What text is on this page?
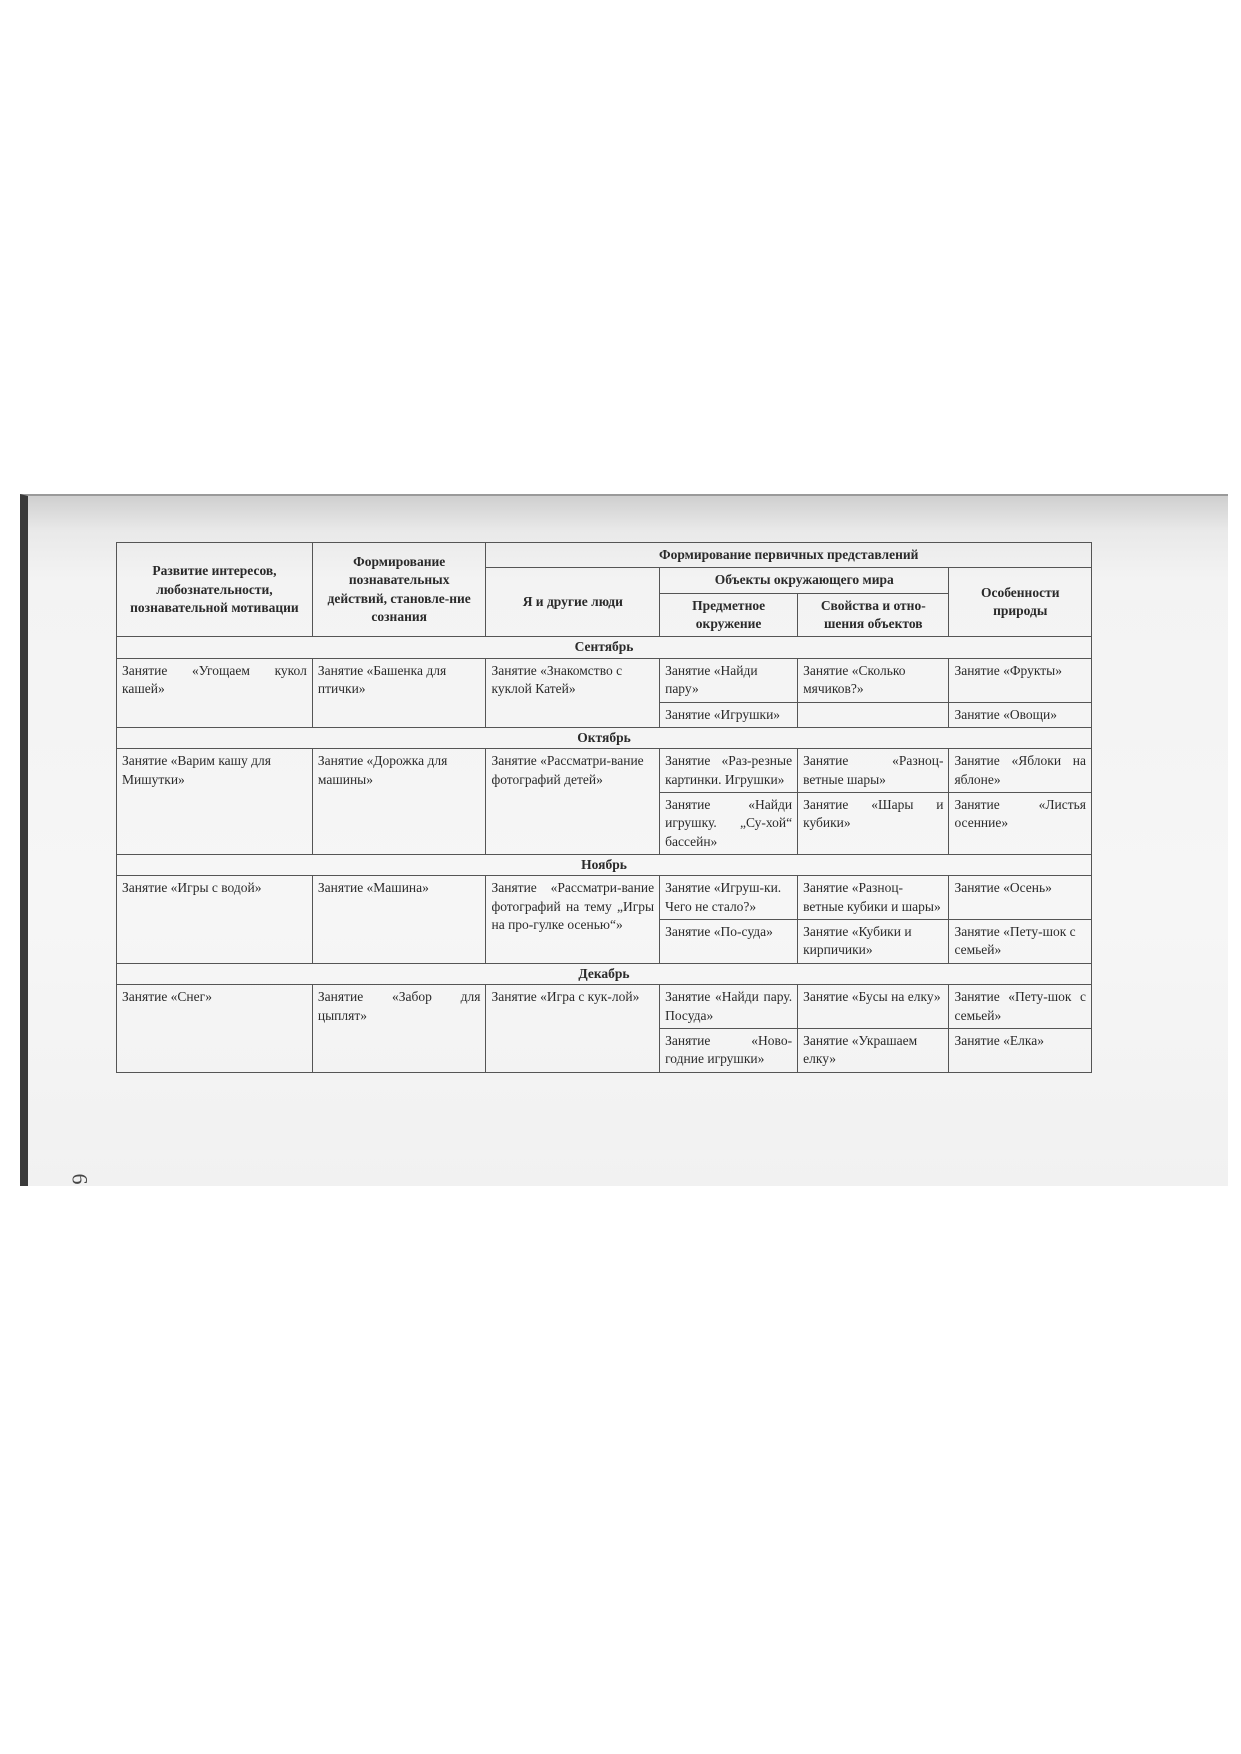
6
Развитие интересов, любознательности, познавательной мотивации	Формирование познавательных действий, становле-ние сознания	Формирование первичных представлений			
		Я и другие люди	Объекты окружающего мира		Особенности природы
			Предметное окружение	Свойства и отно-шения объектов	
Сентябрь					
Занятие «Угощаем кукол кашей»	Занятие «Башенка для птички»	Занятие «Знакомство с куклой Катей»	Занятие «Найди пару»	Занятие «Сколько мячиков?»	Занятие «Фрукты»
			Занятие «Игрушки»		Занятие «Овощи»
Октябрь					
Занятие «Варим кашу для Мишутки»	Занятие «Дорожка для машины»	Занятие «Рассматри-вание фотографий детей»	Занятие «Раз-резные картинки. Игрушки»	Занятие «Разноц-ветные шары»	Занятие «Яблоки на яблоне»
			Занятие «Найди игрушку. „Су-хой“ бассейн»	Занятие «Шары и кубики»	Занятие «Листья осенние»
Ноябрь					
Занятие «Игры с водой»	Занятие «Машина»	Занятие «Рассматри-вание фотографий на тему „Игры на про-гулке осенью“»	Занятие «Игруш-ки. Чего не стало?»	Занятие «Разноц-ветные кубики и шары»	Занятие «Осень»
			Занятие «По-суда»	Занятие «Кубики и кирпичики»	Занятие «Пету-шок с семьей»
Декабрь					
Занятие «Снег»	Занятие «Забор для цыплят»	Занятие «Игра с кук-лой»	Занятие «Найди пару. Посуда»	Занятие «Бусы на елку»	Занятие «Пету-шок с семьей»
			Занятие «Ново-годние игрушки»	Занятие «Украшаем елку»	Занятие «Елка»
